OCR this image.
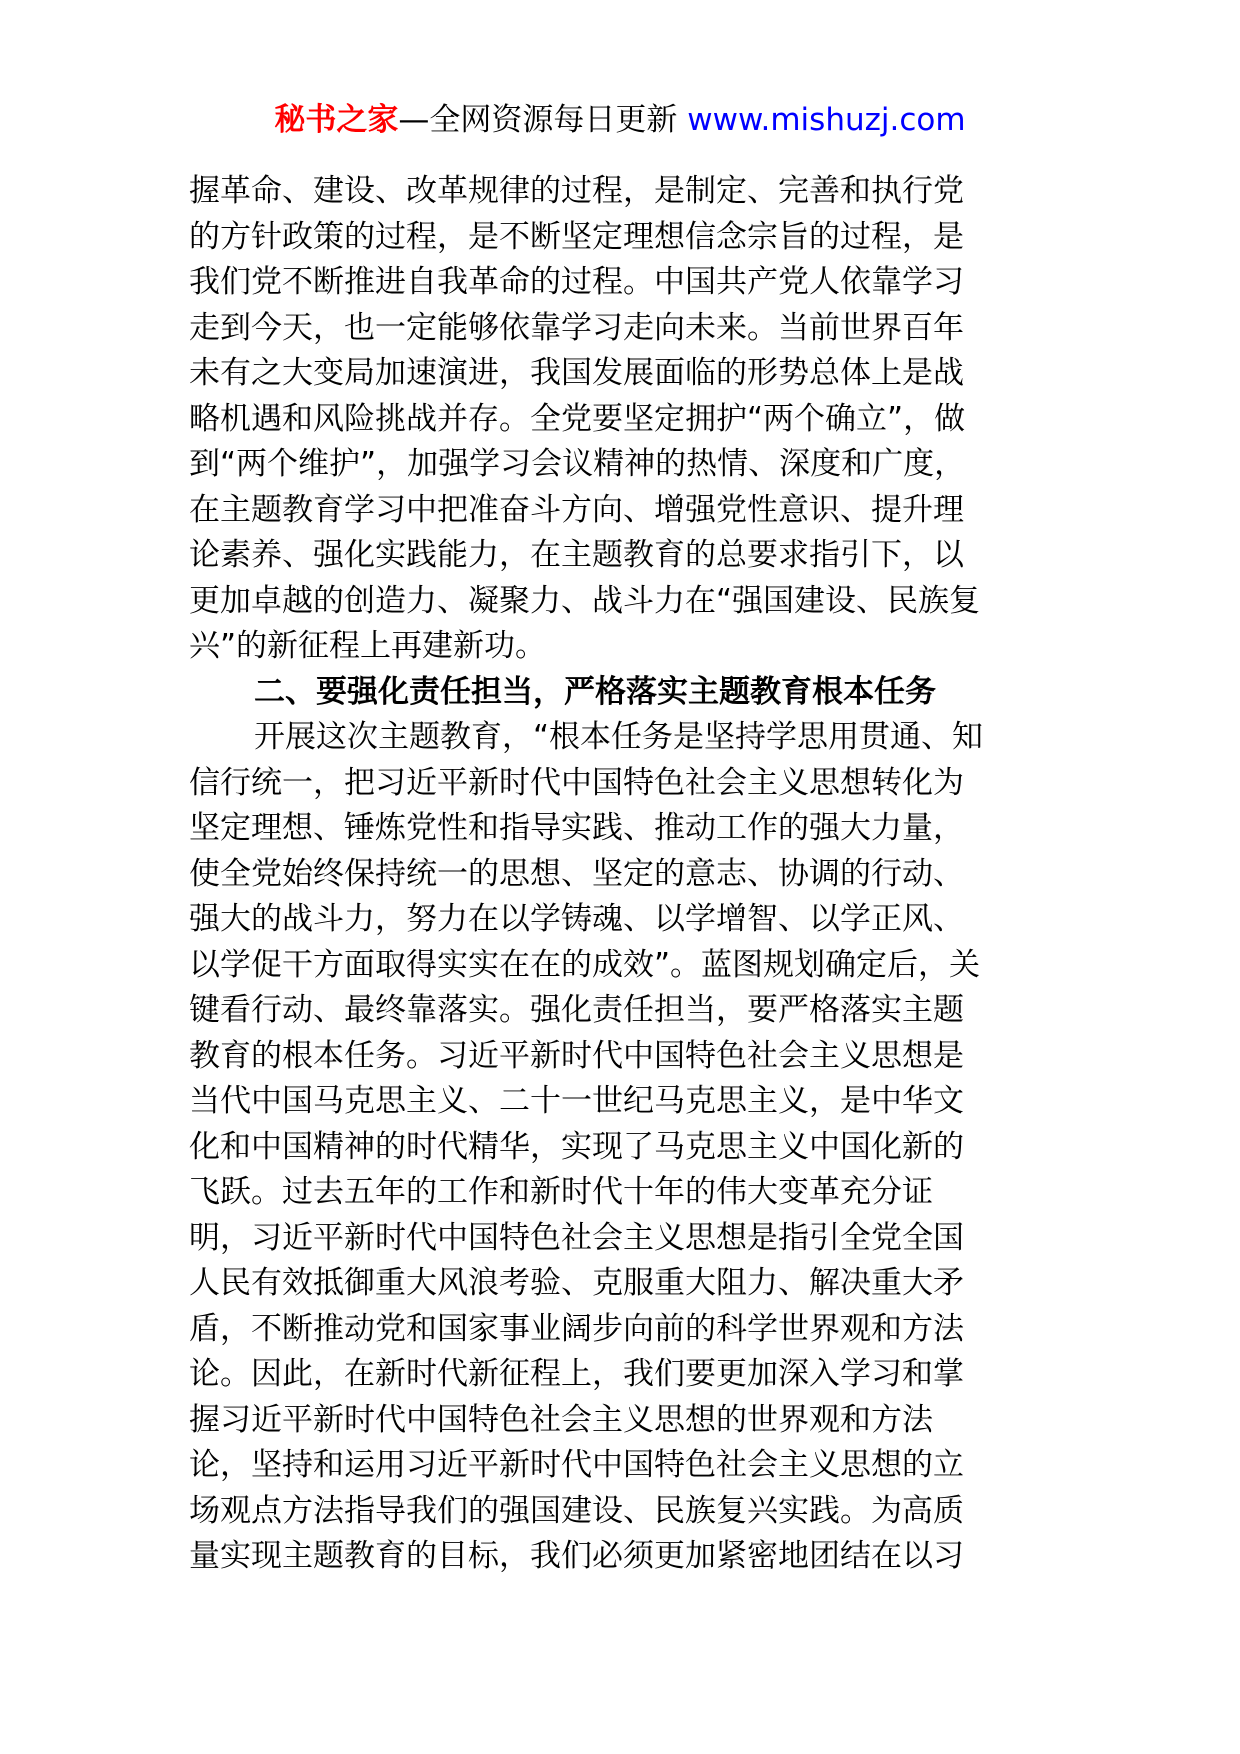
秘书之家—全网资源每日更新 www.mishuzj.com
握革命、建设、改革规律的过程，是制定、完善和执行党
的方针政策的过程，是不断坚定理想信念宗旨的过程，是
我们党不断推进自我革命的过程。中国共产党人依靠学习
走到今天，也一定能够依靠学习走向未来。当前世界百年
未有之大变局加速演进，我国发展面临的形势总体上是战
略机遇和风险挑战并存。全党要坚定拥护“两个确立”，做
到“两个维护”，加强学习会议精神的热情、深度和广度，
在主题教育学习中把准奋斗方向、增强党性意识、提升理
论素养、强化实践能力，在主题教育的总要求指引下，以
更加卓越的创造力、凝聚力、战斗力在“强国建设、民族复
兴”的新征程上再建新功。
二、要强化责任担当，严格落实主题教育根本任务
开展这次主题教育，“根本任务是坚持学思用贯通、知
信行统一，把习近平新时代中国特色社会主义思想转化为
坚定理想、锤炼党性和指导实践、推动工作的强大力量，
使全党始终保持统一的思想、坚定的意志、协调的行动、
强大的战斗力，努力在以学铸魂、以学增智、以学正风、
以学促干方面取得实实在在的成效”。蓝图规划确定后，关
键看行动、最终靠落实。强化责任担当，要严格落实主题
教育的根本任务。习近平新时代中国特色社会主义思想是
当代中国马克思主义、二十一世纪马克思主义，是中华文
化和中国精神的时代精华，实现了马克思主义中国化新的
飞跃。过去五年的工作和新时代十年的伟大变革充分证
明，习近平新时代中国特色社会主义思想是指引全党全国
人民有效抵御重大风浪考验、克服重大阻力、解决重大矛
盾，不断推动党和国家事业阔步向前的科学世界观和方法
论。因此，在新时代新征程上，我们要更加深入学习和掌
握习近平新时代中国特色社会主义思想的世界观和方法
论，坚持和运用习近平新时代中国特色社会主义思想的立
场观点方法指导我们的强国建设、民族复兴实践。为高质
量实现主题教育的目标，我们必须更加紧密地团结在以习
